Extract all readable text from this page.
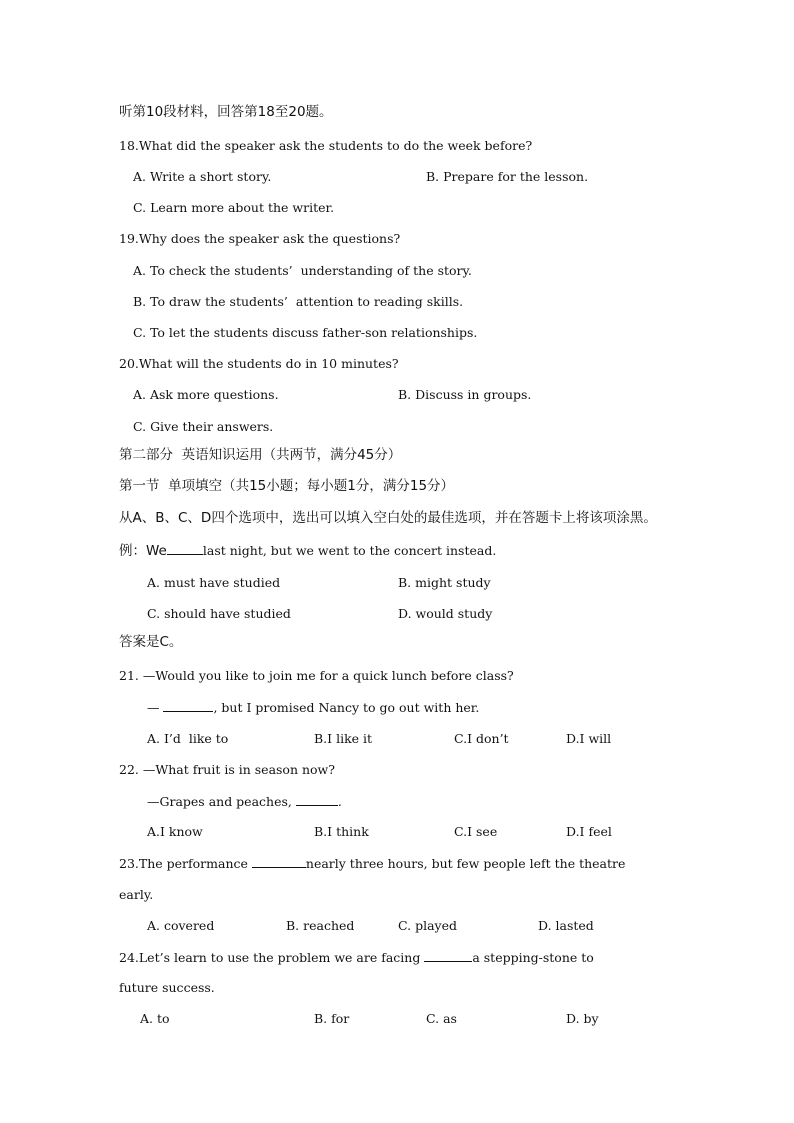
听第10段材料，回答第18至20题。
18.What did the speaker ask the students to do the week before?
A. Write a short story.	B. Prepare for the lesson.
C. Learn more about the writer.
19.Why does the speaker ask the questions?
A. To check the students’  understanding of the story.
B. To draw the students’  attention to reading skills.
C. To let the students discuss father-son relationships.
20.What will the students do in 10 minutes?
A. Ask more questions.	B. Discuss in groups.
C. Give their answers.
第二部分  英语知识运用（共两节，满分45分）
第一节  单项填空（共15小题；每小题1分，满分15分）
从A、B、C、D四个选项中，选出可以填入空白处的最佳选项，并在答题卡上将该项涂黑。
例：We	last night, but we went to the concert instead.
A. must have studied	B. might study
C. should have studied	D. would study
答案是C。
21. —Would you like to join me for a quick lunch before class?
—	, but I promised Nancy to go out with her.
A. I’d  like to	B.I like it	C.I don’t	D.I will
22. —What fruit is in season now?
—Grapes and peaches,	.
A.I know	B.I think	C.I see	D.I feel
23.The performance	nearly three hours, but few people left the theatre
early.
A. covered	B. reached	C. played	D. lasted
24.Let’s learn to use the problem we are facing	a stepping-stone to
future success.
A. to	B. for	C. as	D. by
